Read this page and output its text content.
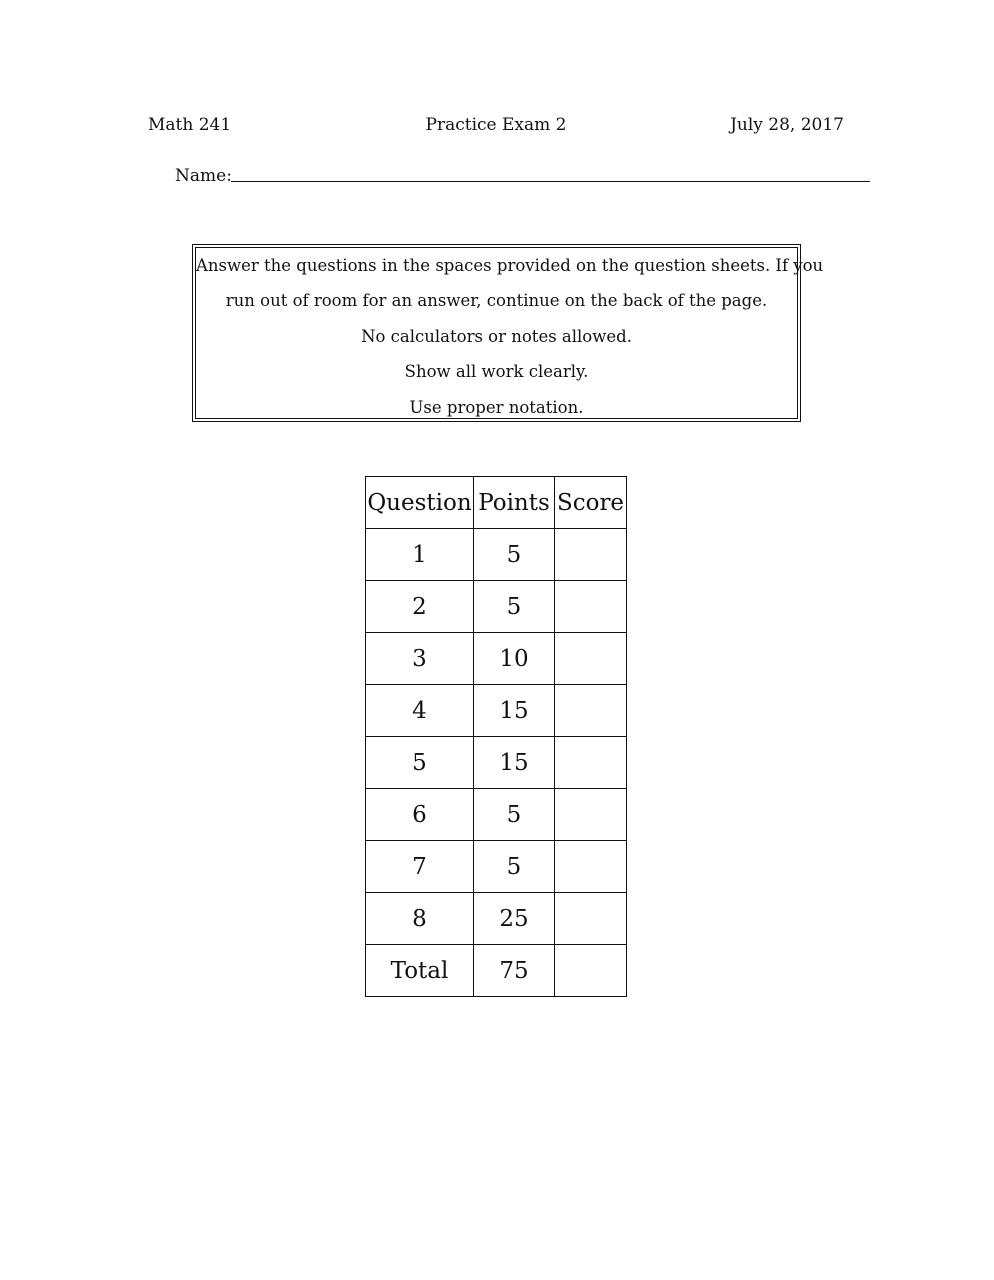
Math 241	Practice Exam 2	July 28, 2017
Name:
Answer the questions in the spaces provided on the question sheets. If you
run out of room for an answer, continue on the back of the page.
No calculators or notes allowed.
Show all work clearly.
Use proper notation.
Question	Points	Score
1	5	
2	5	
3	10	
4	15	
5	15	
6	5	
7	5	
8	25	
Total	75	
